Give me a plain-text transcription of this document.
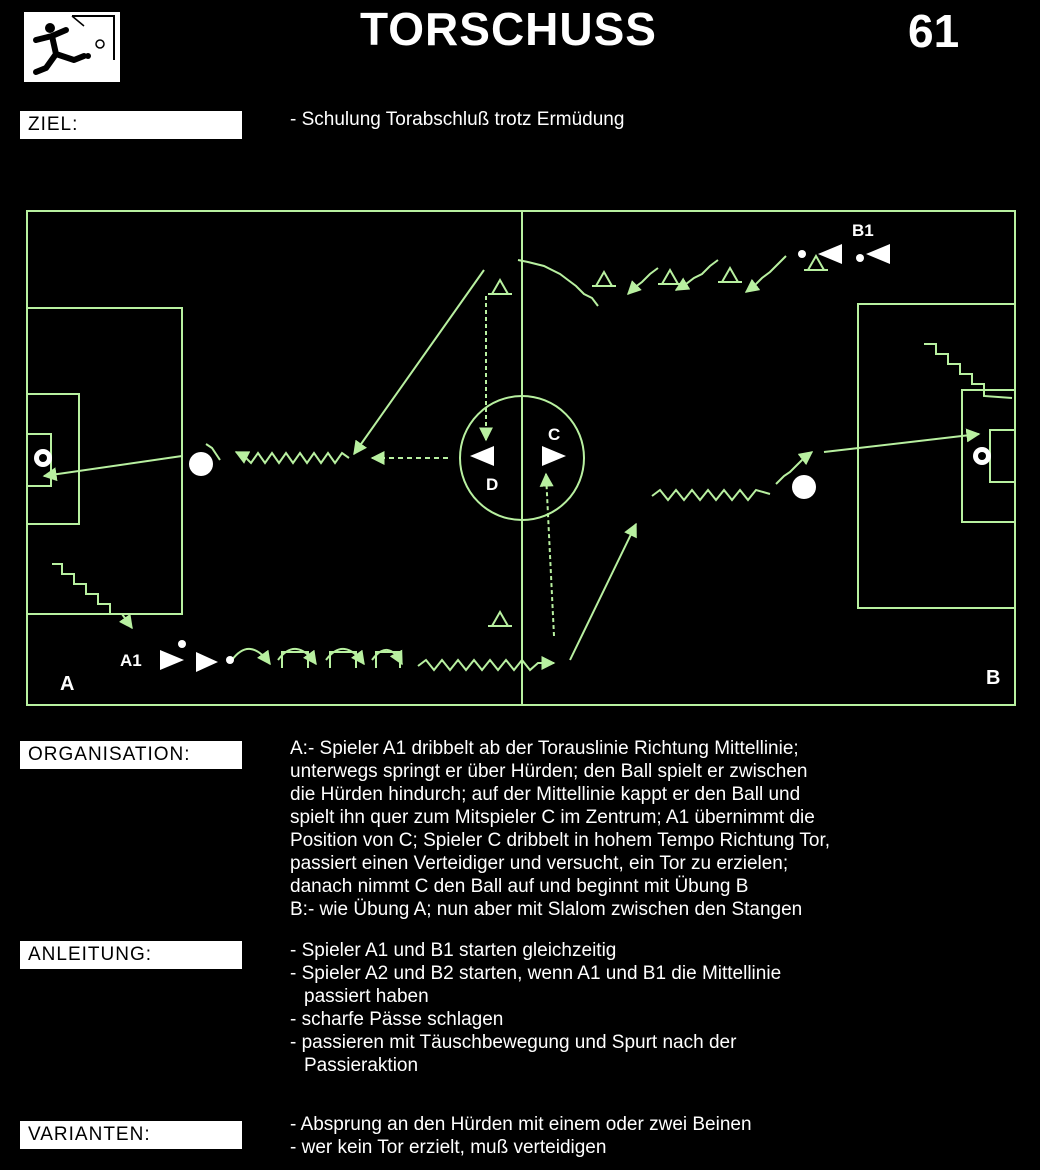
TORSCHUSS	61
ZIEL:	- Schulung Torabschluß trotz Ermüdung
A1
B1
C
D
A	B
ORGANISATION:	A:- Spieler A1 dribbelt ab der Torauslinie Richtung Mittellinie;
unterwegs springt er über Hürden; den Ball spielt er zwischen
die Hürden hindurch; auf der Mittellinie kappt er den Ball und
spielt ihn quer zum Mitspieler C im Zentrum; A1 übernimmt die
Position von C; Spieler C dribbelt in hohem Tempo Richtung Tor,
passiert einen Verteidiger und versucht, ein Tor zu erzielen;
danach nimmt C den Ball auf und beginnt mit Übung B
B:- wie Übung A; nun aber mit Slalom zwischen den Stangen
ANLEITUNG:	- Spieler A1 und B1 starten gleichzeitig
- Spieler A2 und B2 starten, wenn A1 und B1 die Mittellinie
passiert haben
- scharfe Pässe schlagen
- passieren mit Täuschbewegung und Spurt nach der
Passieraktion
VARIANTEN:	- Absprung an den Hürden mit einem oder zwei Beinen
- wer kein Tor erzielt, muß verteidigen
